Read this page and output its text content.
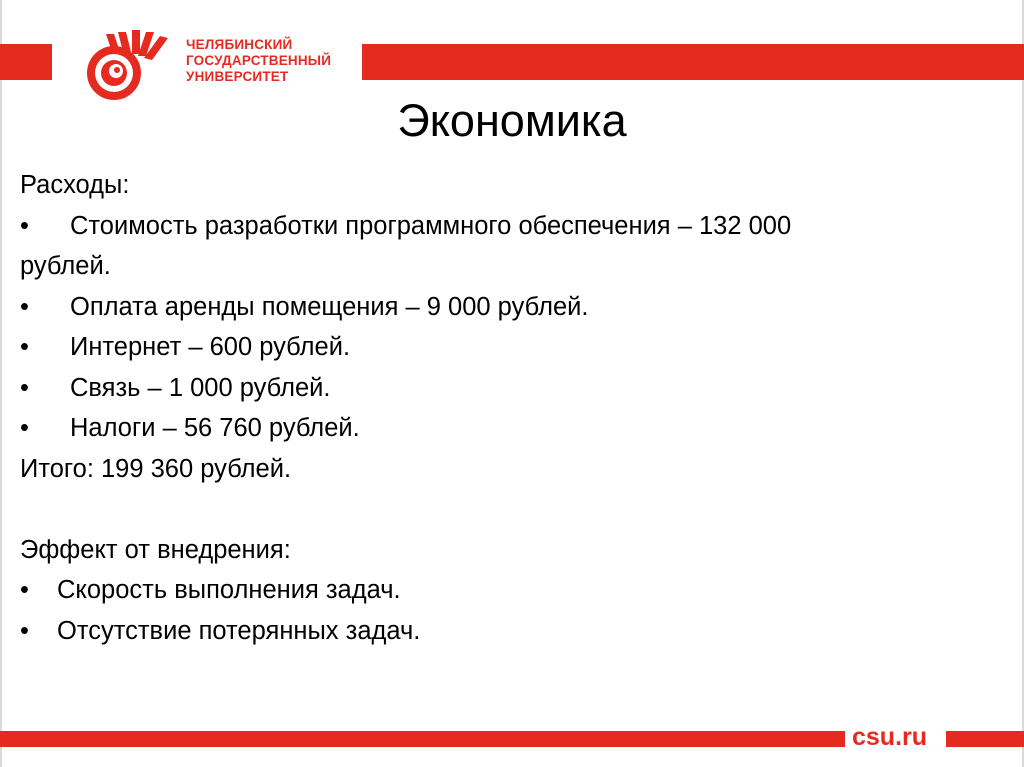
ЧЕЛЯБИНСКИЙ
ГОСУДАРСТВЕННЫЙ
УНИВЕРСИТЕТ
Экономика

Расходы:

• Стоимость разработки программного обеспечения – 132 000

рублей.

• Оплата аренды помещения – 9 000 рублей.

• Интернет – 600 рублей.

• Связь – 1 000 рублей.

• Налоги – 56 760 рублей.

Итого: 199 360 рублей.

Эффект от внедрения:

• Скорость выполнения задач.

• Отсутствие потерянных задач.

csu.ru
